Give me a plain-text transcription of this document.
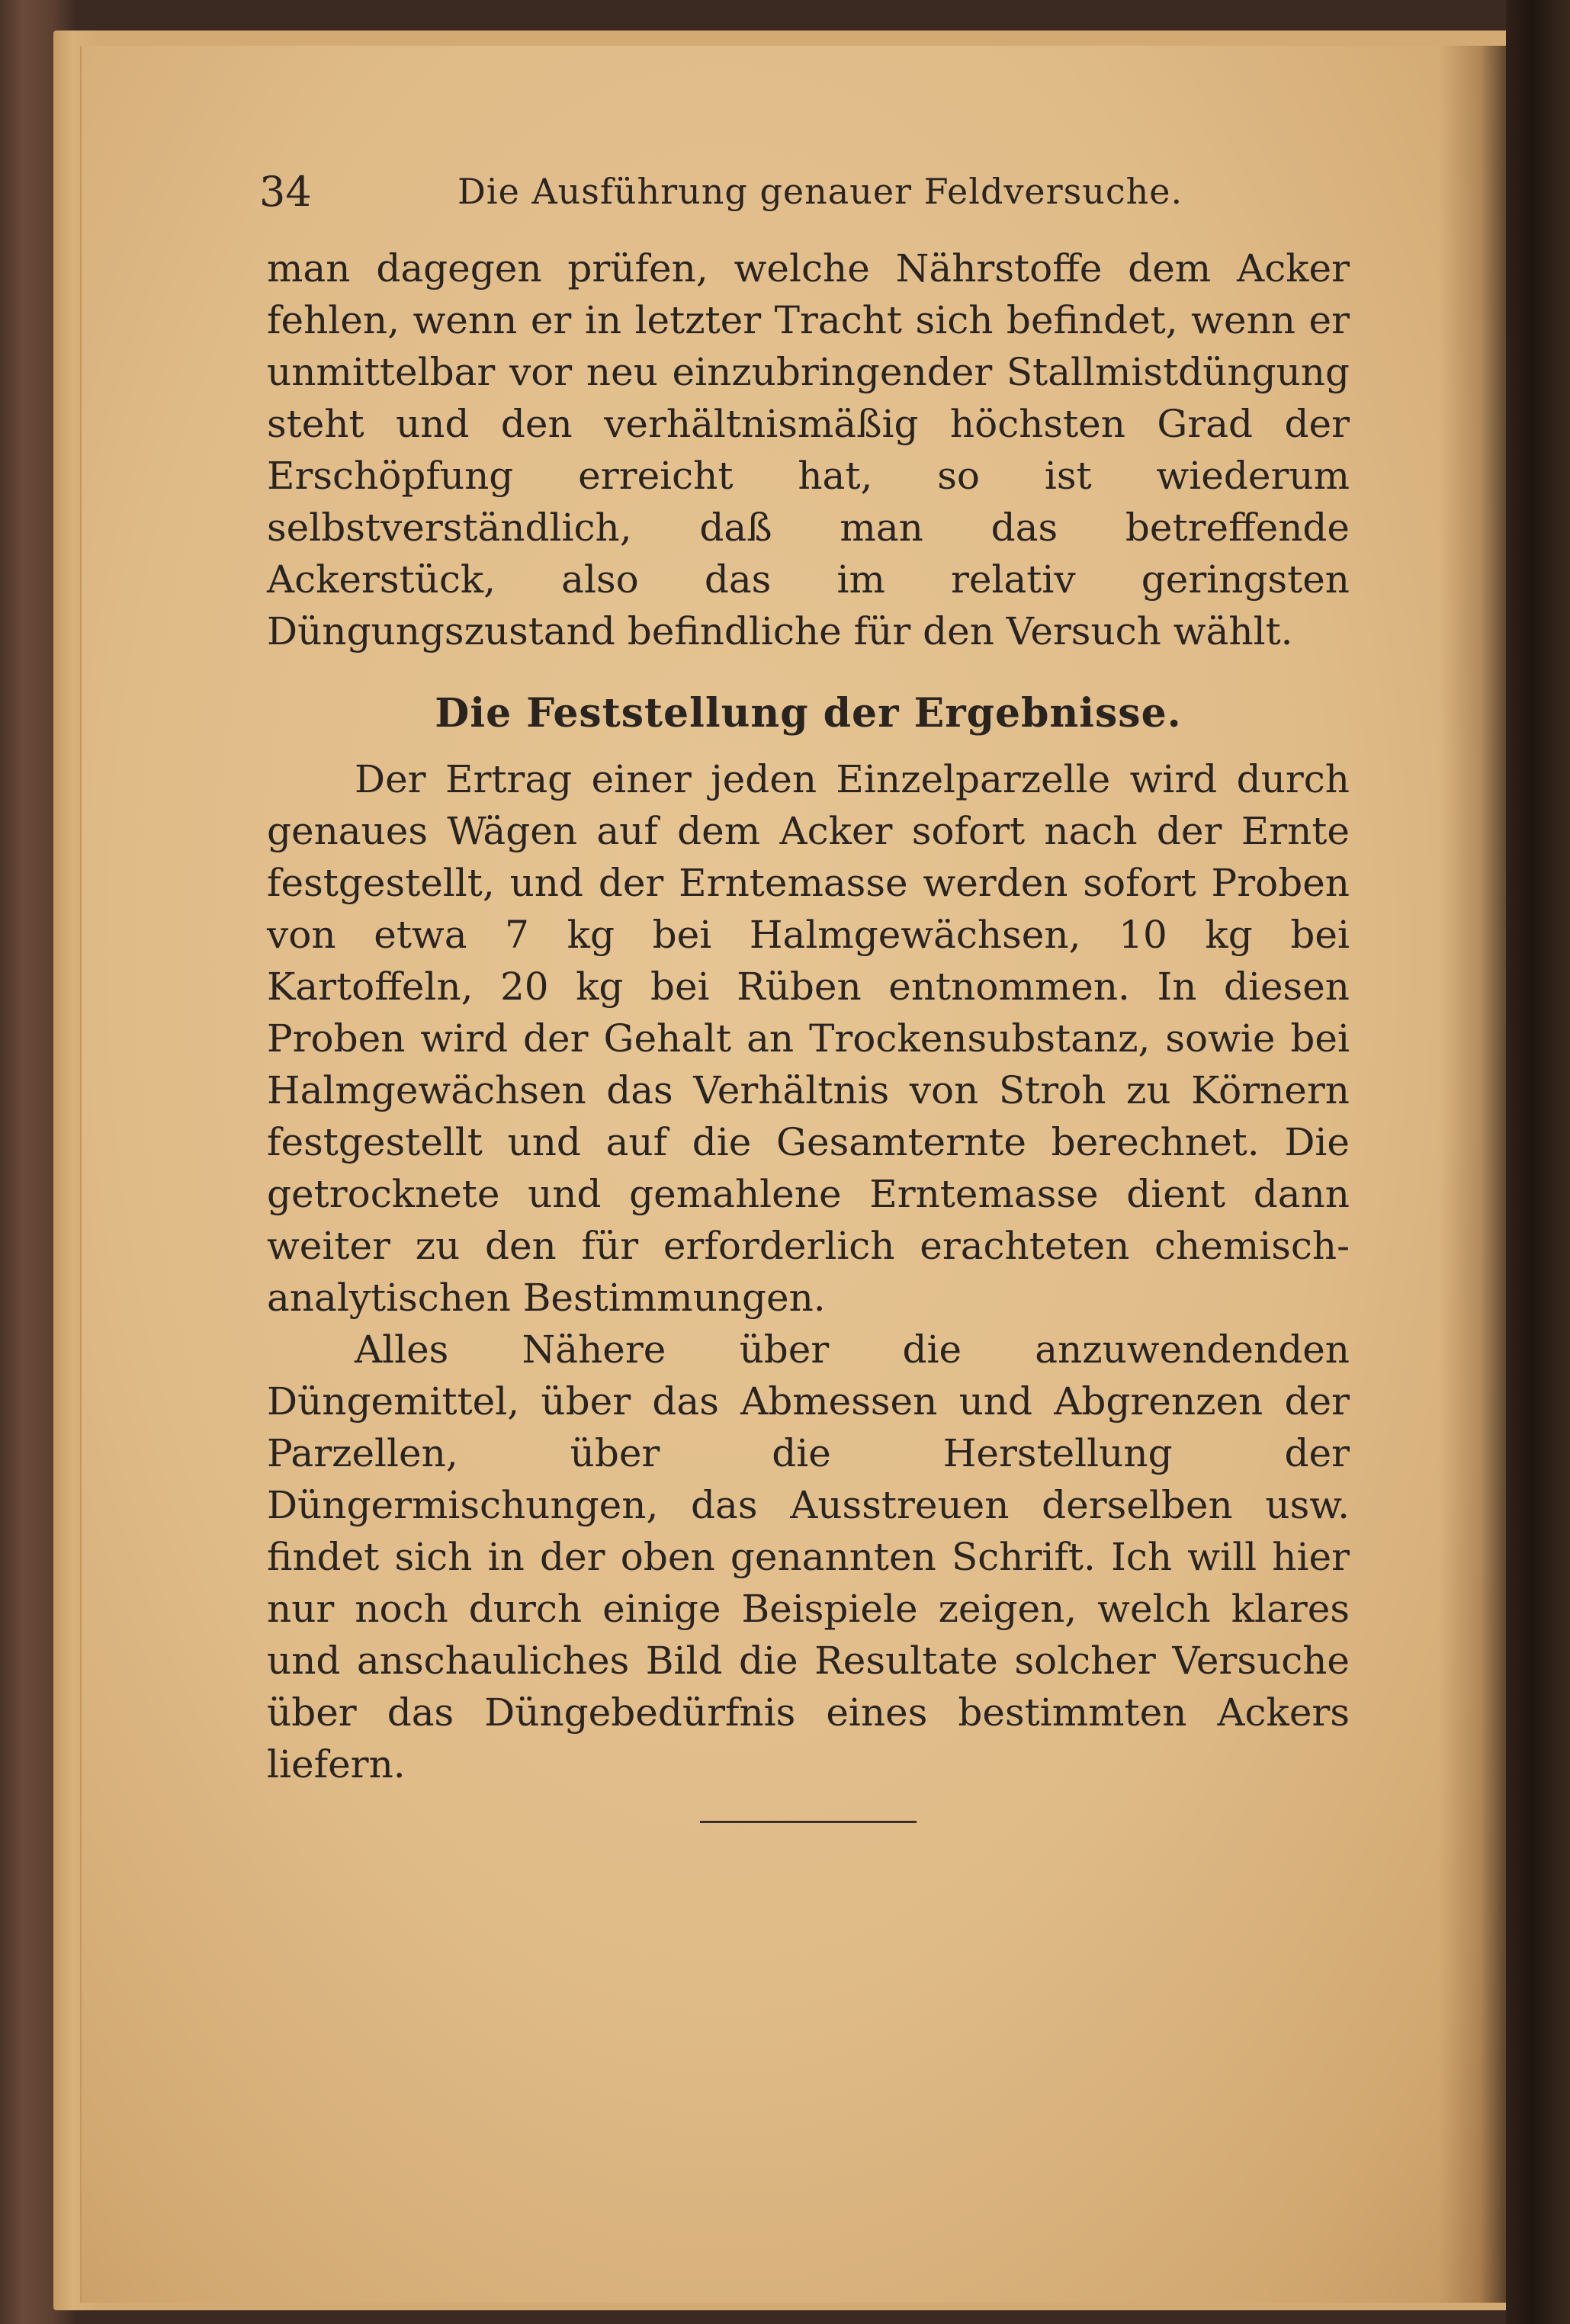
34	Die Ausführung genauer Feldversuche.

man dagegen prüfen, welche Nährstoffe dem Acker fehlen, wenn er in letzter Tracht sich befindet, wenn er unmittelbar vor neu einzubringender Stallmistdüngung steht und den verhältnismäßig höchsten Grad der Erschöpfung erreicht hat, so ist wiederum selbstverständlich, daß man das betreffende Ackerstück, also das im relativ geringsten Düngungszustand befindliche für den Versuch wählt.

Die Feststellung der Ergebnisse.

Der Ertrag einer jeden Einzelparzelle wird durch genaues Wägen auf dem Acker sofort nach der Ernte festgestellt, und der Erntemasse werden sofort Proben von etwa 7 kg bei Halmgewächsen, 10 kg bei Kartoffeln, 20 kg bei Rüben entnommen. In diesen Proben wird der Gehalt an Trockensubstanz, sowie bei Halmgewächsen das Verhältnis von Stroh zu Körnern festgestellt und auf die Gesamternte berechnet. Die getrocknete und gemahlene Erntemasse dient dann weiter zu den für erforderlich erachteten chemisch-analytischen Bestimmungen.

Alles Nähere über die anzuwendenden Düngemittel, über das Abmessen und Abgrenzen der Parzellen, über die Herstellung der Düngermischungen, das Ausstreuen derselben usw. findet sich in der oben genannten Schrift. Ich will hier nur noch durch einige Beispiele zeigen, welch klares und anschauliches Bild die Resultate solcher Versuche über das Düngebedürfnis eines bestimmten Ackers liefern.
